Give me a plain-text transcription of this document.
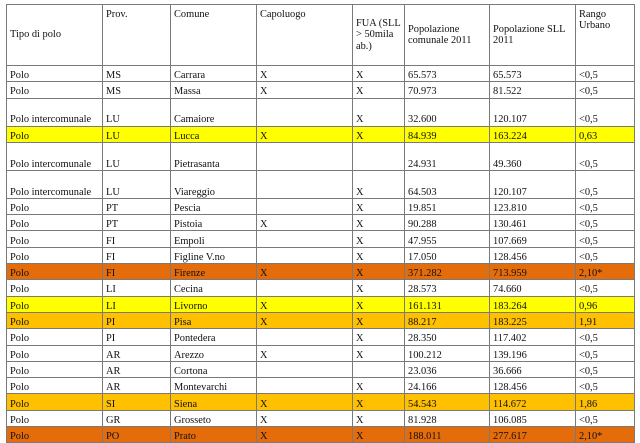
Tipo di polo	Prov.	Comune	Capoluogo	FUA (SLL > 50mila ab.)	Popolazione comunale 2011	Popolazione SLL 2011	Rango Urbano
Polo	MS	Carrara	X	X	65.573	65.573	<0,5
Polo	MS	Massa	X	X	70.973	81.522	<0,5
Polo intercomunale	LU	Camaiore		X	32.600	120.107	<0,5
Polo	LU	Lucca	X	X	84.939	163.224	0,63
Polo intercomunale	LU	Pietrasanta			24.931	49.360	<0,5
Polo intercomunale	LU	Viareggio		X	64.503	120.107	<0,5
Polo	PT	Pescia		X	19.851	123.810	<0,5
Polo	PT	Pistoia	X	X	90.288	130.461	<0,5
Polo	FI	Empoli		X	47.955	107.669	<0,5
Polo	FI	Figline V.no		X	17.050	128.456	<0,5
Polo	FI	Firenze	X	X	371.282	713.959	2,10*
Polo	LI	Cecina		X	28.573	74.660	<0,5
Polo	LI	Livorno	X	X	161.131	183.264	0,96
Polo	PI	Pisa	X	X	88.217	183.225	1,91
Polo	PI	Pontedera		X	28.350	117.402	<0,5
Polo	AR	Arezzo	X	X	100.212	139.196	<0,5
Polo	AR	Cortona			23.036	36.666	<0,5
Polo	AR	Montevarchi		X	24.166	128.456	<0,5
Polo	SI	Siena	X	X	54.543	114.672	1,86
Polo	GR	Grosseto	X	X	81.928	106.085	<0,5
Polo	PO	Prato	X	X	188.011	277.617	2,10*
